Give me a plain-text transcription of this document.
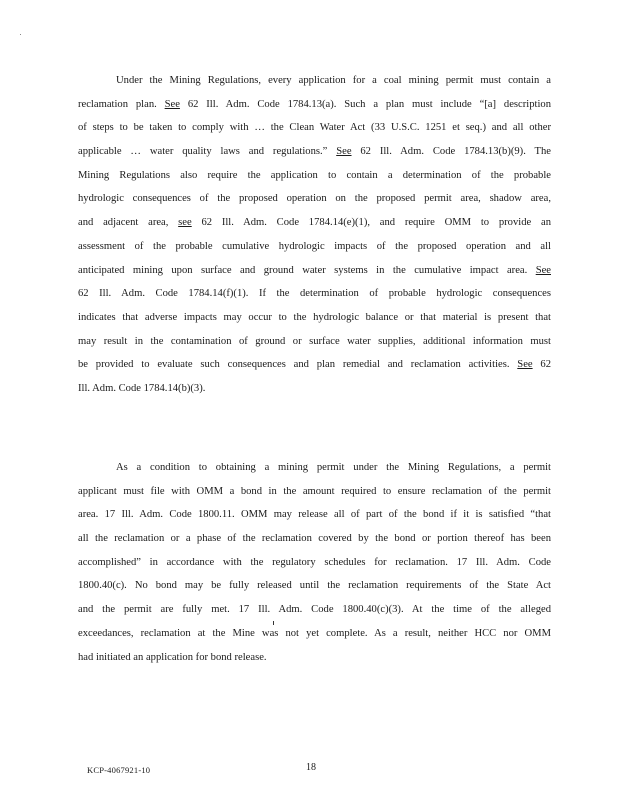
Under the Mining Regulations, every application for a coal mining permit must contain a
reclamation plan. See 62 Ill. Adm. Code 1784.13(a). Such a plan must include “[a] description
of steps to be taken to comply with … the Clean Water Act (33 U.S.C. 1251 et seq.) and all other
applicable … water quality laws and regulations.” See 62 Ill. Adm. Code 1784.13(b)(9). The
Mining Regulations also require the application to contain a determination of the probable
hydrologic consequences of the proposed operation on the proposed permit area, shadow area,
and adjacent area, see 62 Ill. Adm. Code 1784.14(e)(1), and require OMM to provide an
assessment of the probable cumulative hydrologic impacts of the proposed operation and all
anticipated mining upon surface and ground water systems in the cumulative impact area. See
62 Ill. Adm. Code 1784.14(f)(1). If the determination of probable hydrologic consequences
indicates that adverse impacts may occur to the hydrologic balance or that material is present that
may result in the contamination of ground or surface water supplies, additional information must
be provided to evaluate such consequences and plan remedial and reclamation activities. See 62
Ill. Adm. Code 1784.14(b)(3).
As a condition to obtaining a mining permit under the Mining Regulations, a permit
applicant must file with OMM a bond in the amount required to ensure reclamation of the permit
area. 17 Ill. Adm. Code 1800.11. OMM may release all of part of the bond if it is satisfied “that
all the reclamation or a phase of the reclamation covered by the bond or portion thereof has been
accomplished” in accordance with the regulatory schedules for reclamation. 17 Ill. Adm. Code
1800.40(c). No bond may be fully released until the reclamation requirements of the State Act
and the permit are fully met. 17 Ill. Adm. Code 1800.40(c)(3). At the time of the alleged
exceedances, reclamation at the Mine was not yet complete. As a result, neither HCC nor OMM
had initiated an application for bond release.
KCP-4067921-10	18
